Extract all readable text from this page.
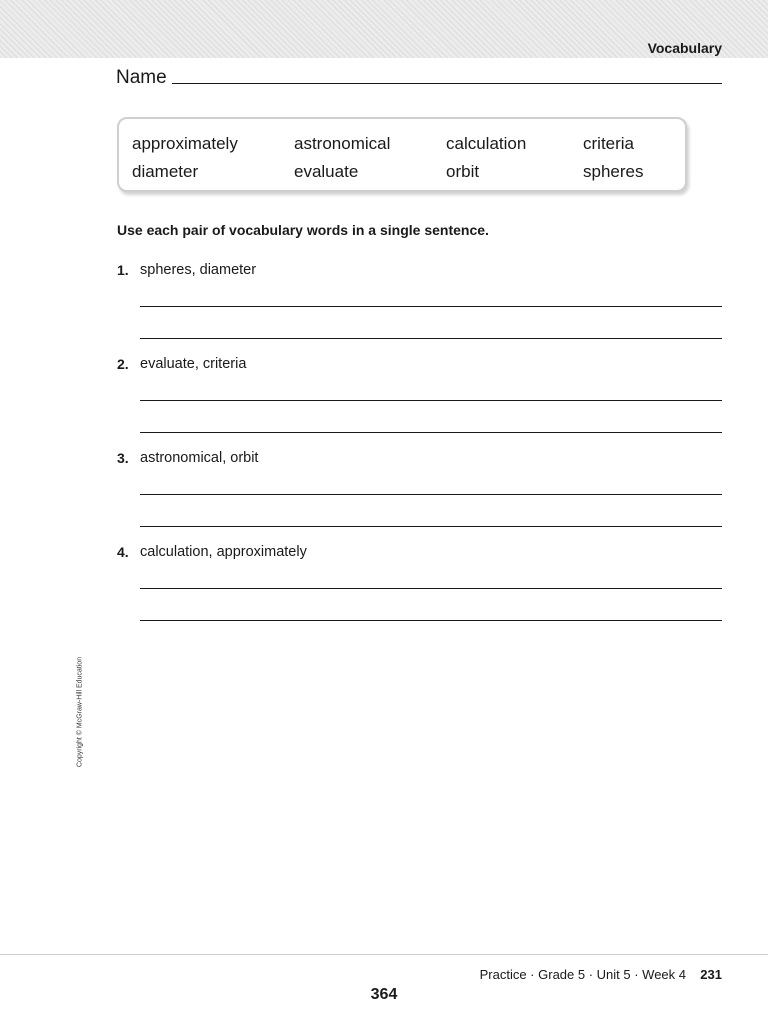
Vocabulary
Name
approximately	astronomical	calculation	criteria
diameter	evaluate	orbit	spheres
Use each pair of vocabulary words in a single sentence.
1. spheres, diameter
2. evaluate, criteria
3. astronomical, orbit
4. calculation, approximately
Copyright © McGraw-Hill Education
Practice · Grade 5 · Unit 5 · Week 4 231
364
